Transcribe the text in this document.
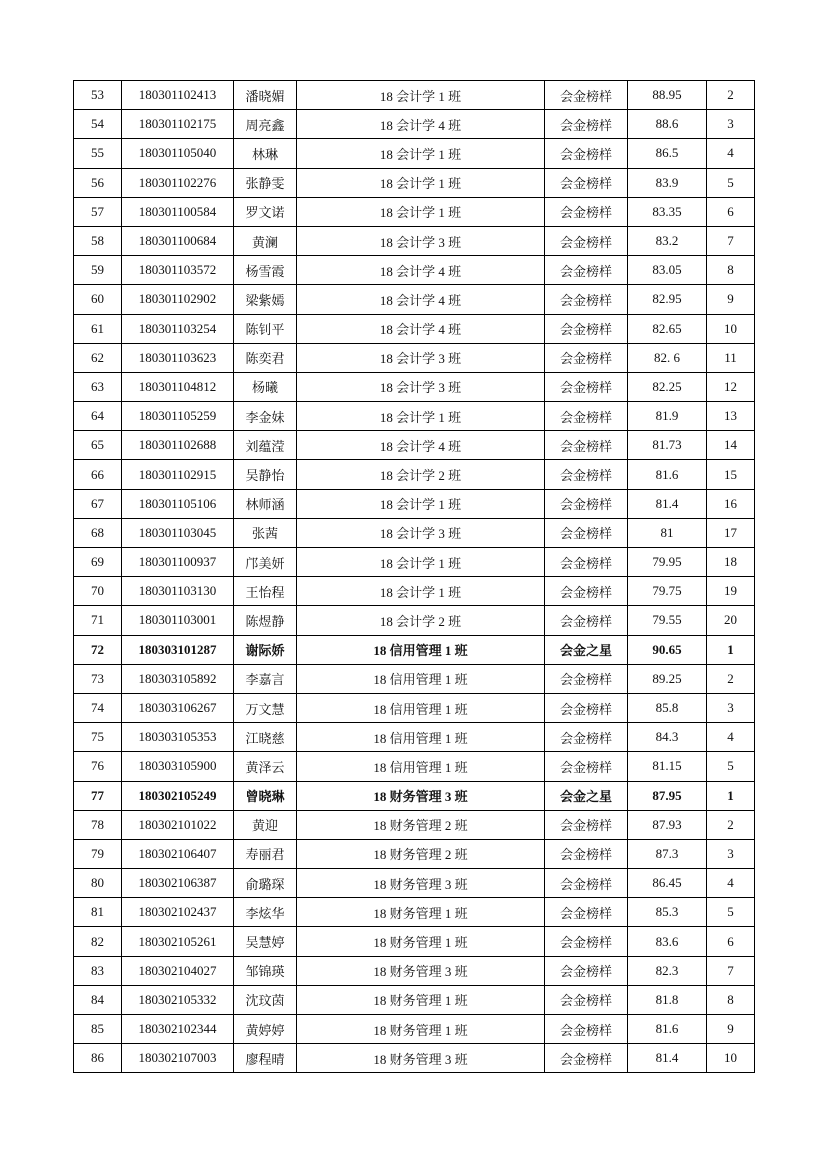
53	180301102413	潘晓媚	18 会计学 1 班	会金榜样	88.95	2
54	180301102175	周亮鑫	18 会计学 4 班	会金榜样	88.6	3
55	180301105040	林琳	18 会计学 1 班	会金榜样	86.5	4
56	180301102276	张静雯	18 会计学 1 班	会金榜样	83.9	5
57	180301100584	罗文诺	18 会计学 1 班	会金榜样	83.35	6
58	180301100684	黄澜	18 会计学 3 班	会金榜样	83.2	7
59	180301103572	杨雪霞	18 会计学 4 班	会金榜样	83.05	8
60	180301102902	梁紫嫣	18 会计学 4 班	会金榜样	82.95	9
61	180301103254	陈钊平	18 会计学 4 班	会金榜样	82.65	10
62	180301103623	陈奕君	18 会计学 3 班	会金榜样	82. 6	11
63	180301104812	杨曦	18 会计学 3 班	会金榜样	82.25	12
64	180301105259	李金妹	18 会计学 1 班	会金榜样	81.9	13
65	180301102688	刘蕴滢	18 会计学 4 班	会金榜样	81.73	14
66	180301102915	吴静怡	18 会计学 2 班	会金榜样	81.6	15
67	180301105106	林师涵	18 会计学 1 班	会金榜样	81.4	16
68	180301103045	张茜	18 会计学 3 班	会金榜样	81	17
69	180301100937	邝美妍	18 会计学 1 班	会金榜样	79.95	18
70	180301103130	王怡程	18 会计学 1 班	会金榜样	79.75	19
71	180301103001	陈煜静	18 会计学 2 班	会金榜样	79.55	20
72	180303101287	谢际娇	18 信用管理 1 班	会金之星	90.65	1
73	180303105892	李嘉言	18 信用管理 1 班	会金榜样	89.25	2
74	180303106267	万文慧	18 信用管理 1 班	会金榜样	85.8	3
75	180303105353	江晓慈	18 信用管理 1 班	会金榜样	84.3	4
76	180303105900	黄泽云	18 信用管理 1 班	会金榜样	81.15	5
77	180302105249	曾晓琳	18 财务管理 3 班	会金之星	87.95	1
78	180302101022	黄迎	18 财务管理 2 班	会金榜样	87.93	2
79	180302106407	寿丽君	18 财务管理 2 班	会金榜样	87.3	3
80	180302106387	俞璐琛	18 财务管理 3 班	会金榜样	86.45	4
81	180302102437	李炫华	18 财务管理 1 班	会金榜样	85.3	5
82	180302105261	吴慧婷	18 财务管理 1 班	会金榜样	83.6	6
83	180302104027	邹锦瑛	18 财务管理 3 班	会金榜样	82.3	7
84	180302105332	沈玟茵	18 财务管理 1 班	会金榜样	81.8	8
85	180302102344	黄婷婷	18 财务管理 1 班	会金榜样	81.6	9
86	180302107003	廖程晴	18 财务管理 3 班	会金榜样	81.4	10
